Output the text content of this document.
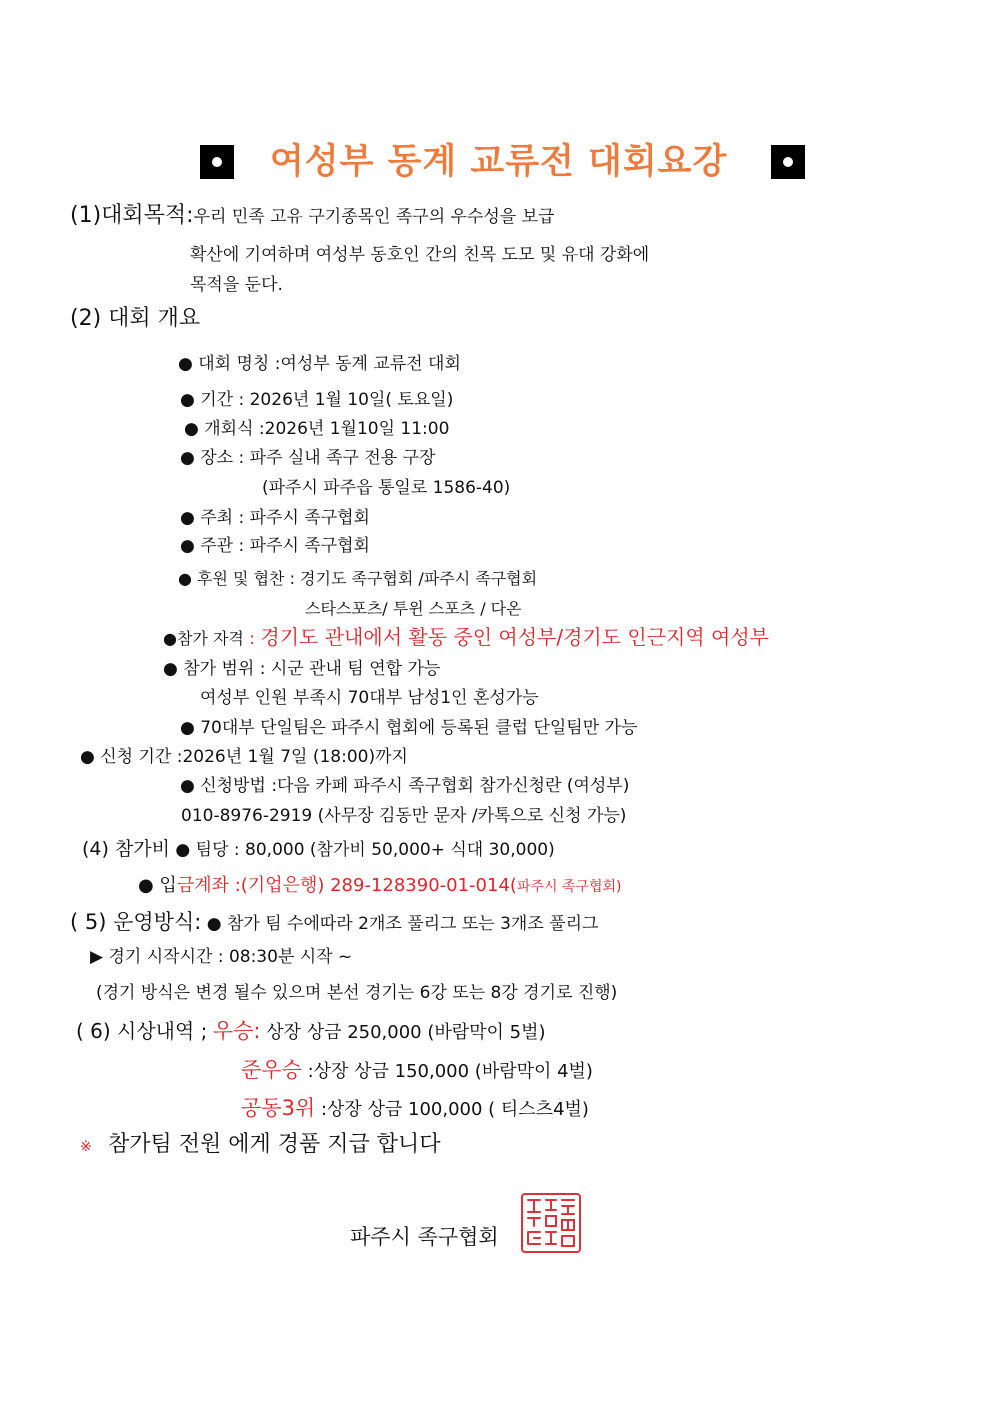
여성부 동계 교류전 대회요강
(1)대회목적:우리 민족 고유 구기종목인 족구의 우수성을 보급
확산에 기여하며 여성부 동호인 간의 친목 도모 및 유대 강화에
목적을 둔다.
(2) 대회 개요
● 대회 명칭 :여성부 동계 교류전 대회
● 기간 : 2026년 1월 10일( 토요일)
● 개회식 :2026년 1월10일 11:00
● 장소 : 파주 실내 족구 전용 구장
(파주시 파주읍 통일로 1586-40)
● 주최 : 파주시 족구협회
● 주관 : 파주시 족구협회
● 후원 및 협찬 : 경기도 족구협회 /파주시 족구협회
스타스포츠/ 투윈 스포츠 / 다온
●참가 자격 : 경기도 관내에서 활동 중인 여성부/경기도 인근지역 여성부
● 참가 범위 : 시군 관내 팀 연합 가능
여성부 인원 부족시 70대부 남성1인 혼성가능
● 70대부 단일팀은 파주시 협회에 등록된 클럽 단일팀만 가능
● 신청 기간 :2026년 1월 7일 (18:00)까지
● 신청방법 :다음 카페 파주시 족구협회 참가신청란 (여성부)
010-8976-2919 (사무장 김동만 문자 /카톡으로 신청 가능)
(4) 참가비 ● 팀당 : 80,000 (참가비 50,000+ 식대 30,000)
● 입금계좌 :(기업은행) 289-128390-01-014(파주시 족구협회)
( 5) 운영방식: ● 참가 팀 수에따라 2개조 풀리그 또는 3개조 풀리그
▶ 경기 시작시간 : 08:30분 시작 ~
(경기 방식은 변경 될수 있으며 본선 경기는 6강 또는 8강 경기로 진행)
( 6) 시상내역 ; 우승: 상장 상금 250,000 (바람막이 5벌)
준우승 :상장 상금 150,000 (바람막이 4벌)
공동3위 :상장 상금 100,000 ( 티스츠4벌)
※ 참가팀 전원 에게 경품 지급 합니다
파주시 족구협회
